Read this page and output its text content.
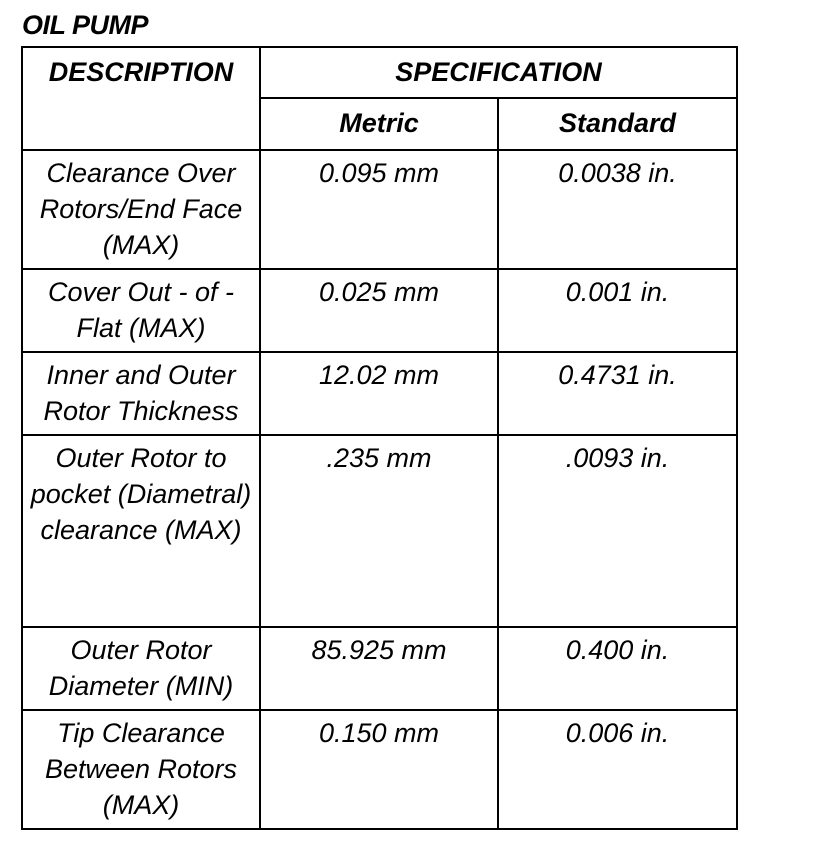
OIL PUMP
DESCRIPTION	SPECIFICATION	

	Metric	Standard

Clearance Over Rotors/End Face (MAX)	0.095 mm	0.0038 in.

Cover Out - of - Flat (MAX)	0.025 mm	0.001 in.

Inner and Outer Rotor Thickness	12.02 mm	0.4731 in.

Outer Rotor to pocket (Diametral) clearance (MAX)	.235 mm	.0093 in.

Outer Rotor Diameter (MIN)	85.925 mm	0.400 in.

Tip Clearance Between Rotors (MAX)	0.150 mm	0.006 in.
